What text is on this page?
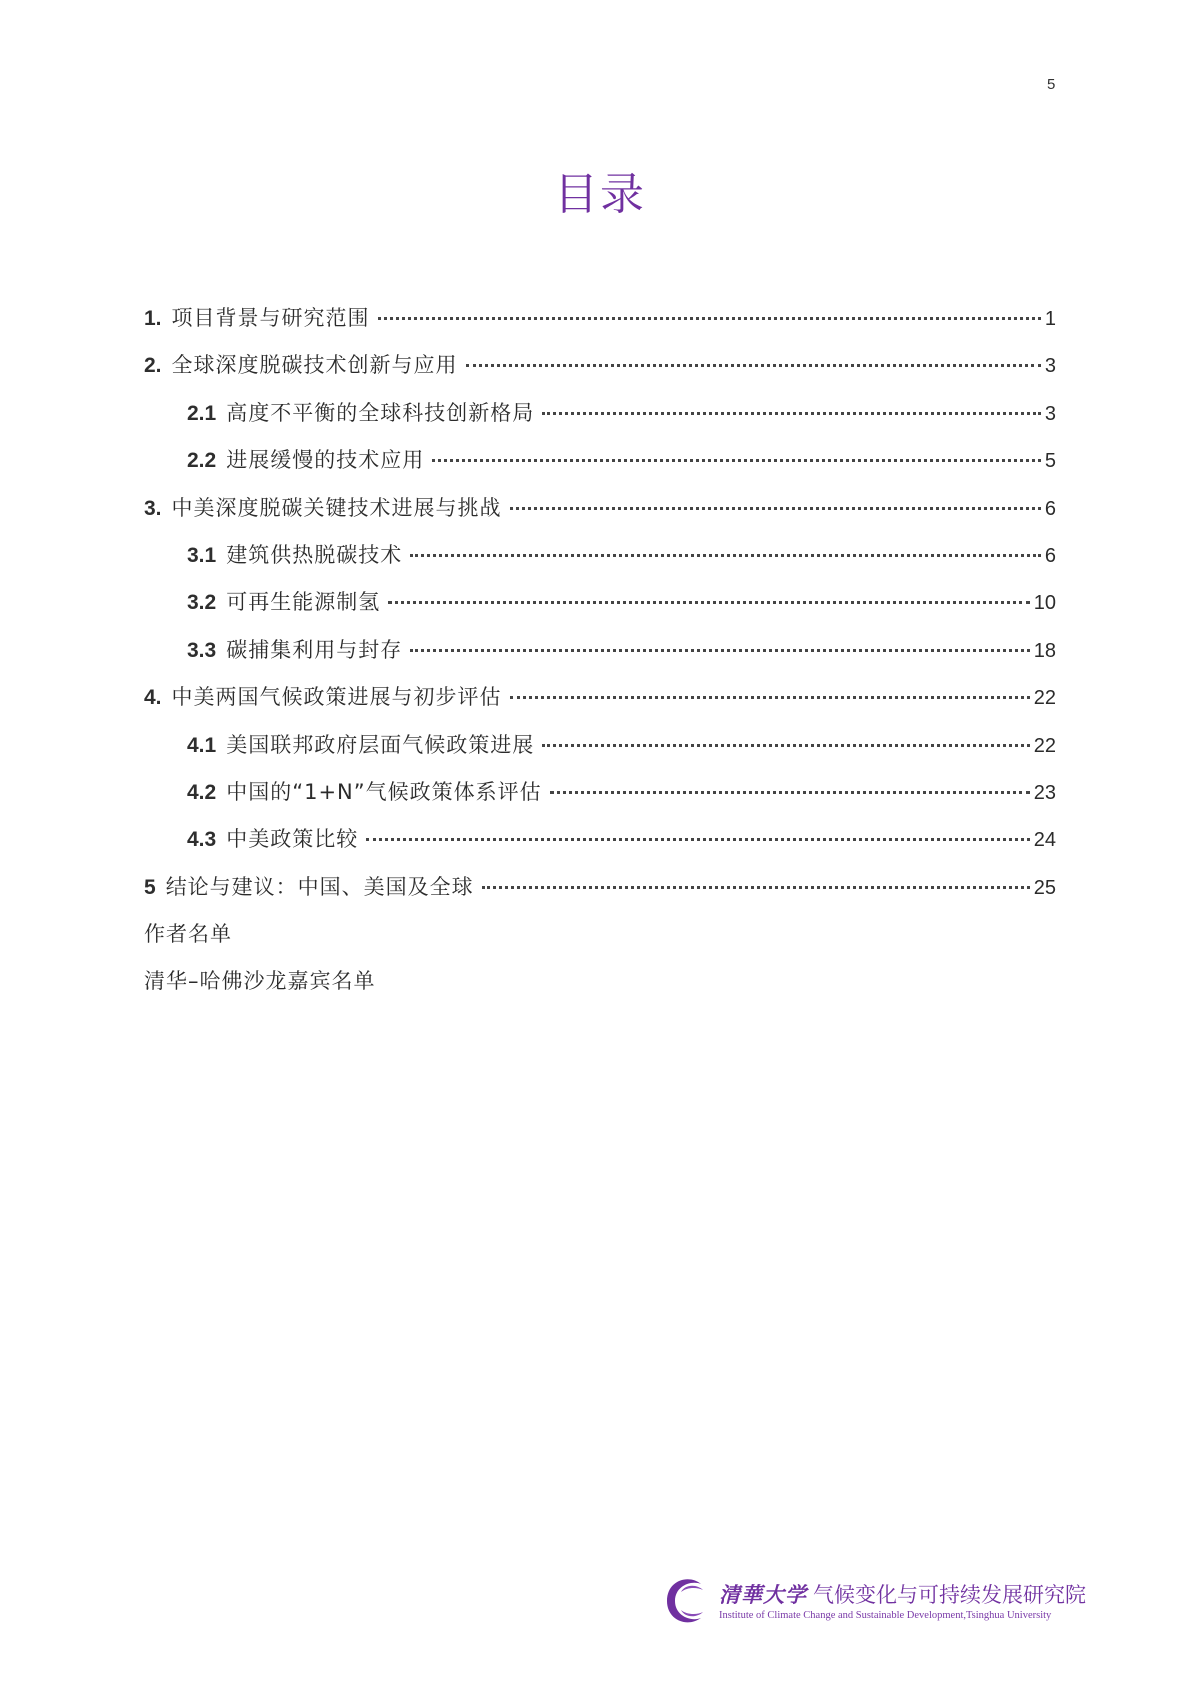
5
目录
1. 项目背景与研究范围	1
2. 全球深度脱碳技术创新与应用	3
2.1 高度不平衡的全球科技创新格局	3
2.2 进展缓慢的技术应用	5
3. 中美深度脱碳关键技术进展与挑战	6
3.1 建筑供热脱碳技术	6
3.2 可再生能源制氢	10
3.3 碳捕集利用与封存	18
4. 中美两国气候政策进展与初步评估	22
4.1 美国联邦政府层面气候政策进展	22
4.2 中国的“1+N”气候政策体系评估	23
4.3 中美政策比较	24
5 结论与建议：中国、美国及全球	25
作者名单
清华–哈佛沙龙嘉宾名单
清華大学 气候变化与可持续发展研究院
Institute of Climate Change and Sustainable Development,Tsinghua University
